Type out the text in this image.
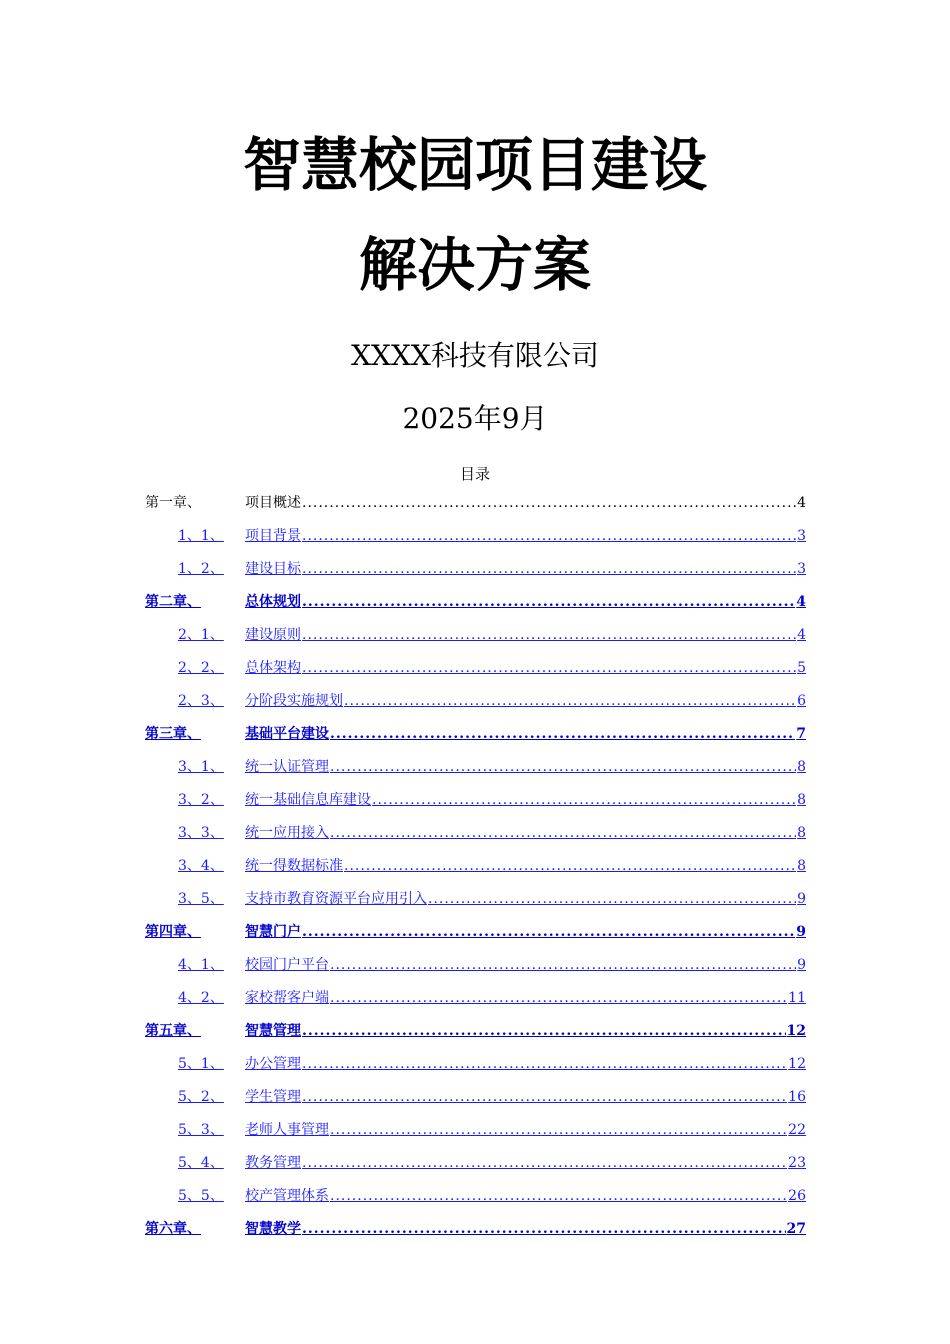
智慧校园项目建设
解决方案
XXXX科技有限公司
2025年9月
目录
第一章、	项目概述 .....	4
1、1、	项目背景 .....	3
1、2、	建设目标 .....	3
第二章、	总体规划 .....	4
2、1、	建设原则 .....	4
2、2、	总体架构 .....	5
2、3、	分阶段实施规划 .....	6
第三章、	基础平台建设 .....	7
3、1、	统一认证管理 .....	8
3、2、	统一基础信息库建设 .....	8
3、3、	统一应用接入 .....	8
3、4、	统一得数据标准 .....	8
3、5、	支持市教育资源平台应用引入 .....	9
第四章、	智慧门户 .....	9
4、1、	校园门户平台 .....	9
4、2、	家校帮客户端 .....	11
第五章、	智慧管理 .....	12
5、1、	办公管理 .....	12
5、2、	学生管理 .....	16
5、3、	老师人事管理 .....	22
5、4、	教务管理 .....	23
5、5、	校产管理体系 .....	26
第六章、	智慧教学 .....	27
